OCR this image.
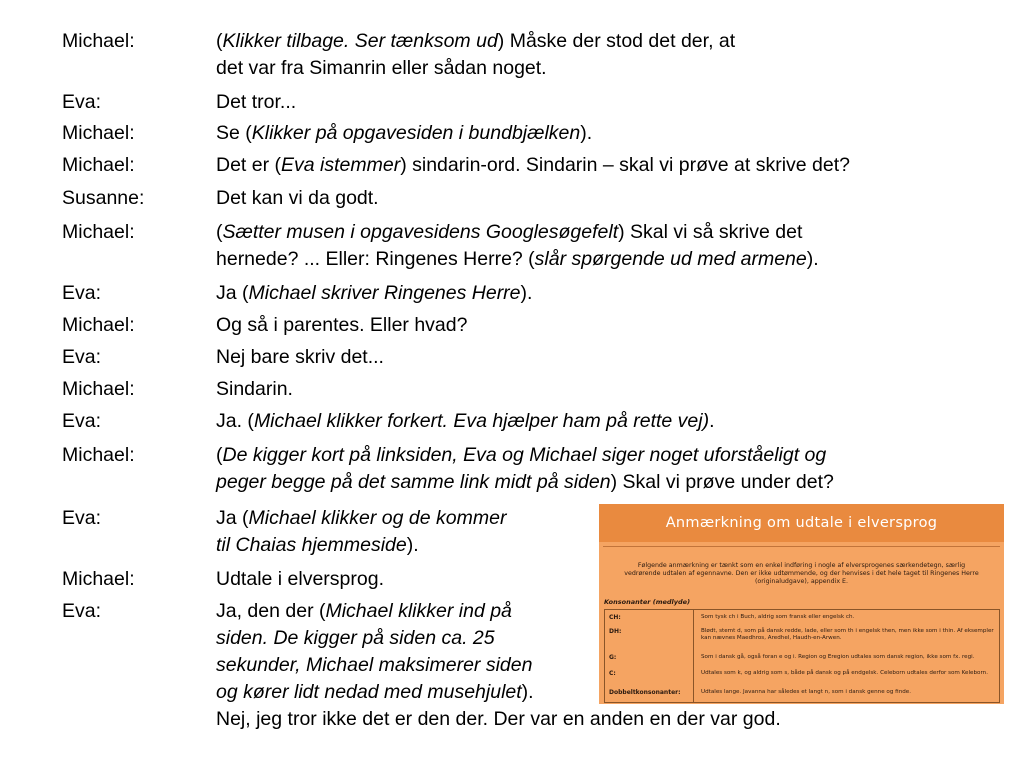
Michael:	(Klikker tilbage. Ser tænksom ud) Måske der stod det der, at
det var fra Simanrin eller sådan noget.
Eva:	Det tror...
Michael:	Se (Klikker på opgavesiden i bundbjælken).
Michael:	Det er (Eva istemmer) sindarin-ord. Sindarin – skal vi prøve at skrive det?
Susanne:	Det kan vi da godt.
Michael:	(Sætter musen i opgavesidens Googlesøgefelt) Skal vi så skrive det
hernede? ... Eller: Ringenes Herre? (slår spørgende ud med armene).
Eva:	Ja (Michael skriver Ringenes Herre).
Michael:	Og så i parentes. Eller hvad?
Eva:	Nej bare skriv det...
Michael:	Sindarin.
Eva:	Ja. (Michael klikker forkert. Eva hjælper ham på rette vej).
Michael:	(De kigger kort på linksiden, Eva og Michael siger noget uforståeligt og
peger begge på det samme link midt på siden) Skal vi prøve under det?
Eva:	Ja (Michael klikker og de kommer
til Chaias hjemmeside).
Michael:	Udtale i elversprog.
Eva:	Ja, den der (Michael klikker ind på
siden. De kigger på siden ca. 25
sekunder, Michael maksimerer siden
og kører lidt nedad med musehjulet).
Nej, jeg tror ikke det er den der. Der var en anden en der var god.
Anmærkning om udtale i elversprog
Følgende anmærkning er tænkt som en enkel indføring i nogle af elversprogenes særkendetegn, særlig
vedrørende udtalen af egennavne. Den er ikke udtømmende, og der henvises i det hele taget til Ringenes Herre
(originaludgave), appendix E.
Konsonanter (medlyde)
CH:	Som tysk ch i Buch, aldrig som fransk eller engelsk ch.
DH:	Blødt, stemt d, som på dansk redde, lade, eller som th i engelsk then, men ikke som i thin. Af eksempler kan nævnes Maedhros, Aredhel, Haudh-en-Arwen.
G:	Som i dansk gå, også foran e og i. Region og Eregion udtales som dansk region, ikke som fx. regi.
C:	Udtales som k, og aldrig som s, både på dansk og på endgelsk. Celeborn udtales derfor som Keleborn.
Dobbeltkonsonanter:	Udtales lange. Javanna har således et langt n, som i dansk genne og finde.
